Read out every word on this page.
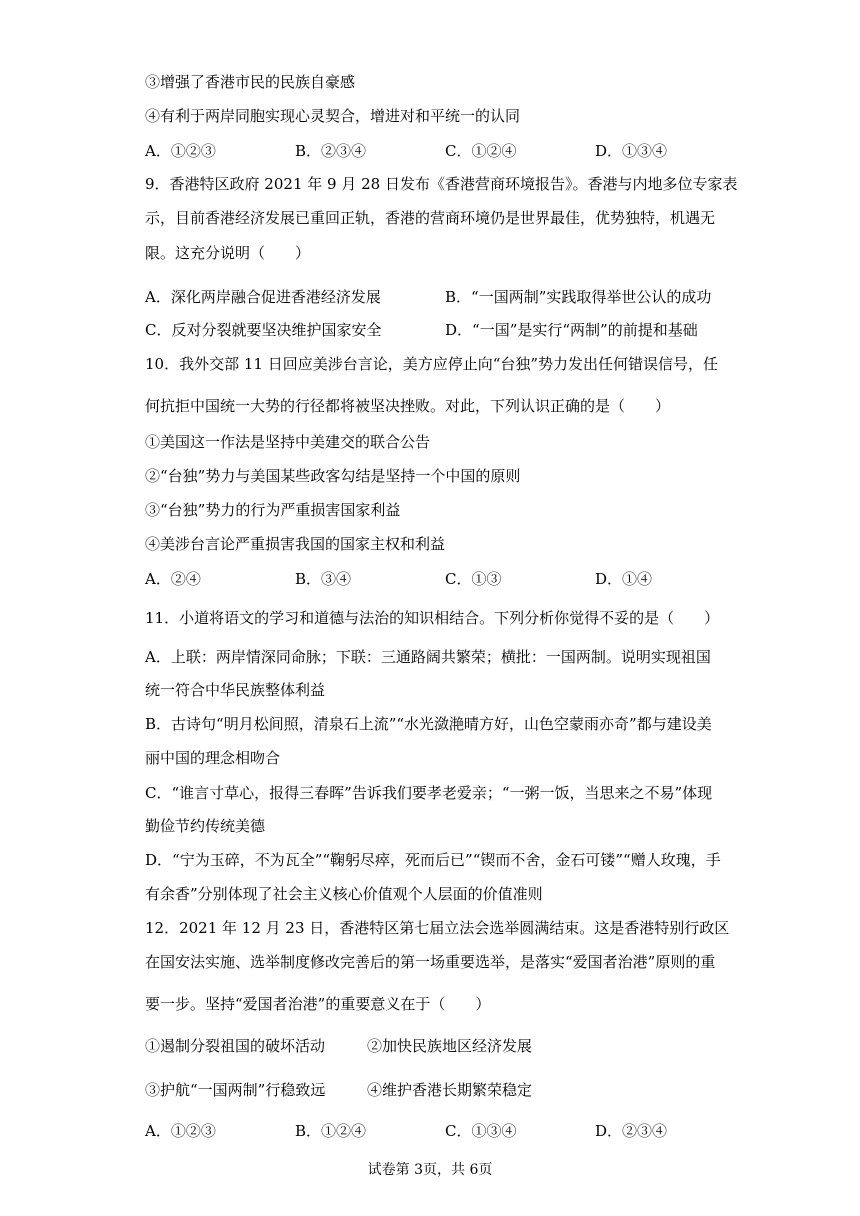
③增强了香港市民的民族自豪感
④有利于两岸同胞实现心灵契合，增进对和平统一的认同
A．①②③	B．②③④	C．①②④	D．①③④
9．香港特区政府 2021 年 9 月 28 日发布《香港营商环境报告》。香港与内地多位专家表
示，目前香港经济发展已重回正轨，香港的营商环境仍是世界最佳，优势独特，机遇无
限。这充分说明（　　）
A．深化两岸融合促进香港经济发展	B．“一国两制”实践取得举世公认的成功
C．反对分裂就要坚决维护国家安全	D．“一国”是实行“两制”的前提和基础
10．我外交部 11 日回应美涉台言论，美方应停止向“台独”势力发出任何错误信号，任
何抗拒中国统一大势的行径都将被坚决挫败。对此，下列认识正确的是（　　）
①美国这一作法是坚持中美建交的联合公告
②“台独”势力与美国某些政客勾结是坚持一个中国的原则
③“台独”势力的行为严重损害国家利益
④美涉台言论严重损害我国的国家主权和利益
A．②④	B．③④	C．①③	D．①④
11．小道将语文的学习和道德与法治的知识相结合。下列分析你觉得不妥的是（　　）
A．上联：两岸情深同命脉；下联：三通路阔共繁荣；横批：一国两制。说明实现祖国
统一符合中华民族整体利益
B．古诗句“明月松间照，清泉石上流”“水光潋滟晴方好，山色空蒙雨亦奇”都与建设美
丽中国的理念相吻合
C．“谁言寸草心，报得三春晖”告诉我们要孝老爱亲；“一粥一饭，当思来之不易”体现
勤俭节约传统美德
D．“宁为玉碎，不为瓦全”“鞠躬尽瘁，死而后已”“锲而不舍，金石可镂”“赠人玫瑰，手
有余香”分别体现了社会主义核心价值观个人层面的价值准则
12．2021 年 12 月 23 日，香港特区第七届立法会选举圆满结束。这是香港特别行政区
在国安法实施、选举制度修改完善后的第一场重要选举，是落实“爱国者治港”原则的重
要一步。坚持“爱国者治港”的重要意义在于（　　）
①遏制分裂祖国的破坏活动	②加快民族地区经济发展
③护航“一国两制”行稳致远	④维护香港长期繁荣稳定
A．①②③	B．①②④	C．①③④	D．②③④
试卷第 3页，共 6页
